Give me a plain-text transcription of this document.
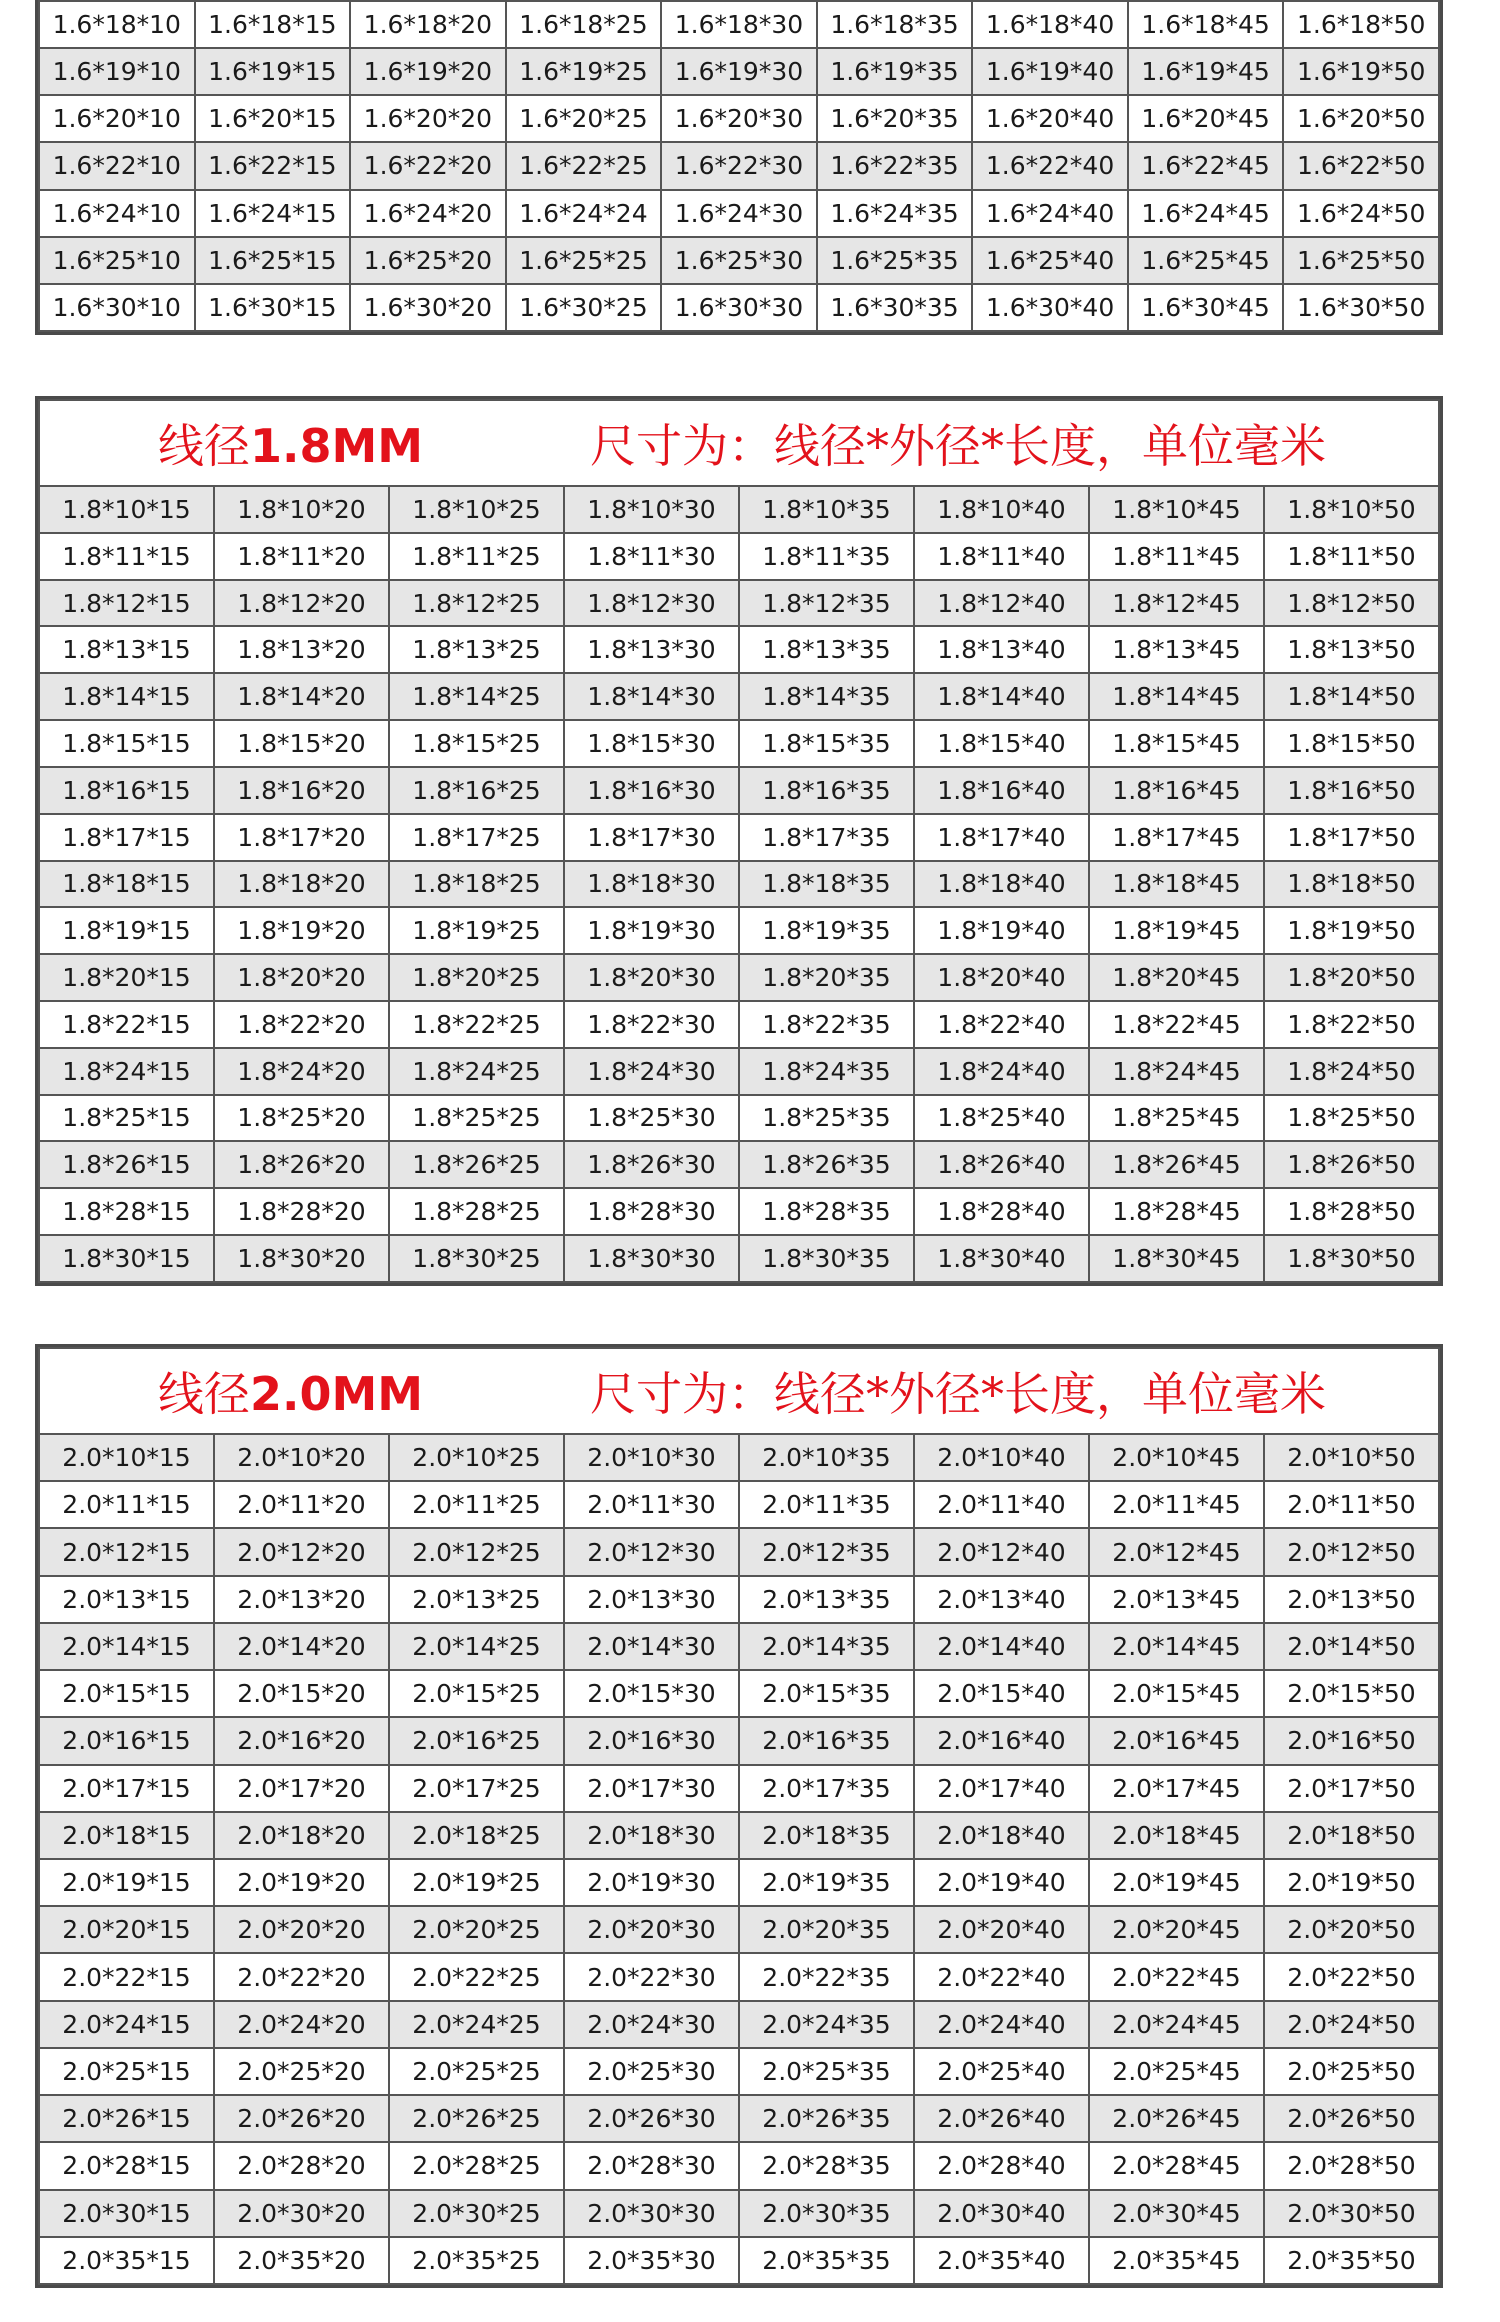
1.6*18*10	1.6*18*15	1.6*18*20	1.6*18*25	1.6*18*30	1.6*18*35	1.6*18*40	1.6*18*45	1.6*18*50
1.6*19*10	1.6*19*15	1.6*19*20	1.6*19*25	1.6*19*30	1.6*19*35	1.6*19*40	1.6*19*45	1.6*19*50
1.6*20*10	1.6*20*15	1.6*20*20	1.6*20*25	1.6*20*30	1.6*20*35	1.6*20*40	1.6*20*45	1.6*20*50
1.6*22*10	1.6*22*15	1.6*22*20	1.6*22*25	1.6*22*30	1.6*22*35	1.6*22*40	1.6*22*45	1.6*22*50
1.6*24*10	1.6*24*15	1.6*24*20	1.6*24*24	1.6*24*30	1.6*24*35	1.6*24*40	1.6*24*45	1.6*24*50
1.6*25*10	1.6*25*15	1.6*25*20	1.6*25*25	1.6*25*30	1.6*25*35	1.6*25*40	1.6*25*45	1.6*25*50
1.6*30*10	1.6*30*15	1.6*30*20	1.6*30*25	1.6*30*30	1.6*30*35	1.6*30*40	1.6*30*45	1.6*30*50
线径1.8MM 尺寸为：线径*外径*长度，单位毫米							

1.8*10*15	1.8*10*20	1.8*10*25	1.8*10*30	1.8*10*35	1.8*10*40	1.8*10*45	1.8*10*50
1.8*11*15	1.8*11*20	1.8*11*25	1.8*11*30	1.8*11*35	1.8*11*40	1.8*11*45	1.8*11*50
1.8*12*15	1.8*12*20	1.8*12*25	1.8*12*30	1.8*12*35	1.8*12*40	1.8*12*45	1.8*12*50
1.8*13*15	1.8*13*20	1.8*13*25	1.8*13*30	1.8*13*35	1.8*13*40	1.8*13*45	1.8*13*50
1.8*14*15	1.8*14*20	1.8*14*25	1.8*14*30	1.8*14*35	1.8*14*40	1.8*14*45	1.8*14*50
1.8*15*15	1.8*15*20	1.8*15*25	1.8*15*30	1.8*15*35	1.8*15*40	1.8*15*45	1.8*15*50
1.8*16*15	1.8*16*20	1.8*16*25	1.8*16*30	1.8*16*35	1.8*16*40	1.8*16*45	1.8*16*50
1.8*17*15	1.8*17*20	1.8*17*25	1.8*17*30	1.8*17*35	1.8*17*40	1.8*17*45	1.8*17*50
1.8*18*15	1.8*18*20	1.8*18*25	1.8*18*30	1.8*18*35	1.8*18*40	1.8*18*45	1.8*18*50
1.8*19*15	1.8*19*20	1.8*19*25	1.8*19*30	1.8*19*35	1.8*19*40	1.8*19*45	1.8*19*50
1.8*20*15	1.8*20*20	1.8*20*25	1.8*20*30	1.8*20*35	1.8*20*40	1.8*20*45	1.8*20*50
1.8*22*15	1.8*22*20	1.8*22*25	1.8*22*30	1.8*22*35	1.8*22*40	1.8*22*45	1.8*22*50
1.8*24*15	1.8*24*20	1.8*24*25	1.8*24*30	1.8*24*35	1.8*24*40	1.8*24*45	1.8*24*50
1.8*25*15	1.8*25*20	1.8*25*25	1.8*25*30	1.8*25*35	1.8*25*40	1.8*25*45	1.8*25*50
1.8*26*15	1.8*26*20	1.8*26*25	1.8*26*30	1.8*26*35	1.8*26*40	1.8*26*45	1.8*26*50
1.8*28*15	1.8*28*20	1.8*28*25	1.8*28*30	1.8*28*35	1.8*28*40	1.8*28*45	1.8*28*50
1.8*30*15	1.8*30*20	1.8*30*25	1.8*30*30	1.8*30*35	1.8*30*40	1.8*30*45	1.8*30*50
线径2.0MM 尺寸为：线径*外径*长度，单位毫米							

2.0*10*15	2.0*10*20	2.0*10*25	2.0*10*30	2.0*10*35	2.0*10*40	2.0*10*45	2.0*10*50
2.0*11*15	2.0*11*20	2.0*11*25	2.0*11*30	2.0*11*35	2.0*11*40	2.0*11*45	2.0*11*50
2.0*12*15	2.0*12*20	2.0*12*25	2.0*12*30	2.0*12*35	2.0*12*40	2.0*12*45	2.0*12*50
2.0*13*15	2.0*13*20	2.0*13*25	2.0*13*30	2.0*13*35	2.0*13*40	2.0*13*45	2.0*13*50
2.0*14*15	2.0*14*20	2.0*14*25	2.0*14*30	2.0*14*35	2.0*14*40	2.0*14*45	2.0*14*50
2.0*15*15	2.0*15*20	2.0*15*25	2.0*15*30	2.0*15*35	2.0*15*40	2.0*15*45	2.0*15*50
2.0*16*15	2.0*16*20	2.0*16*25	2.0*16*30	2.0*16*35	2.0*16*40	2.0*16*45	2.0*16*50
2.0*17*15	2.0*17*20	2.0*17*25	2.0*17*30	2.0*17*35	2.0*17*40	2.0*17*45	2.0*17*50
2.0*18*15	2.0*18*20	2.0*18*25	2.0*18*30	2.0*18*35	2.0*18*40	2.0*18*45	2.0*18*50
2.0*19*15	2.0*19*20	2.0*19*25	2.0*19*30	2.0*19*35	2.0*19*40	2.0*19*45	2.0*19*50
2.0*20*15	2.0*20*20	2.0*20*25	2.0*20*30	2.0*20*35	2.0*20*40	2.0*20*45	2.0*20*50
2.0*22*15	2.0*22*20	2.0*22*25	2.0*22*30	2.0*22*35	2.0*22*40	2.0*22*45	2.0*22*50
2.0*24*15	2.0*24*20	2.0*24*25	2.0*24*30	2.0*24*35	2.0*24*40	2.0*24*45	2.0*24*50
2.0*25*15	2.0*25*20	2.0*25*25	2.0*25*30	2.0*25*35	2.0*25*40	2.0*25*45	2.0*25*50
2.0*26*15	2.0*26*20	2.0*26*25	2.0*26*30	2.0*26*35	2.0*26*40	2.0*26*45	2.0*26*50
2.0*28*15	2.0*28*20	2.0*28*25	2.0*28*30	2.0*28*35	2.0*28*40	2.0*28*45	2.0*28*50
2.0*30*15	2.0*30*20	2.0*30*25	2.0*30*30	2.0*30*35	2.0*30*40	2.0*30*45	2.0*30*50
2.0*35*15	2.0*35*20	2.0*35*25	2.0*35*30	2.0*35*35	2.0*35*40	2.0*35*45	2.0*35*50
